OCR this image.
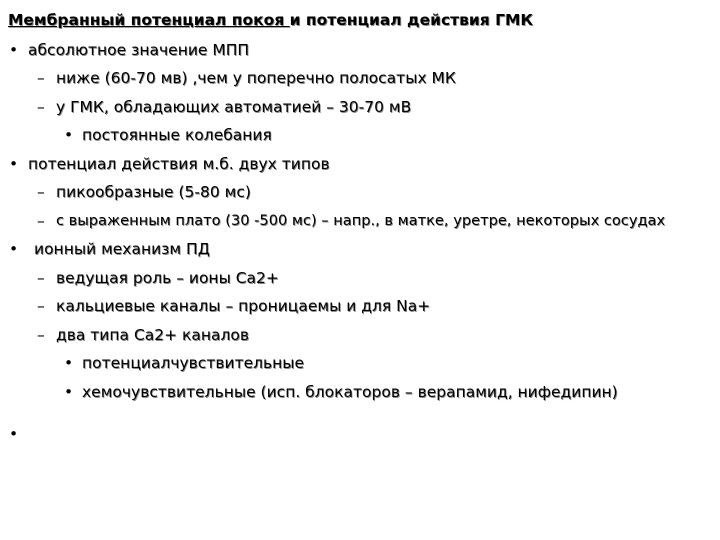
Мембранный потенциал покоя и потенциал действия ГМК
• абсолютное значение МПП
– ниже (60-70 мв) ,чем у поперечно полосатых МК
– у ГМК, обладающих автоматией – 30-70 мВ
• постоянные колебания
• потенциал действия м.б. двух типов
– пикообразные (5-80 мс)
– с выраженным плато (30 -500 мс) – напр., в матке, уретре, некоторых сосудах
• ионный механизм ПД
– ведущая роль – ионы Са2+
– кальциевые каналы – проницаемы и для Na+
– два типа Са2+ каналов
• потенциалчувствительные
• хемочувствительные (исп. блокаторов – верапамид, нифедипин)
•
